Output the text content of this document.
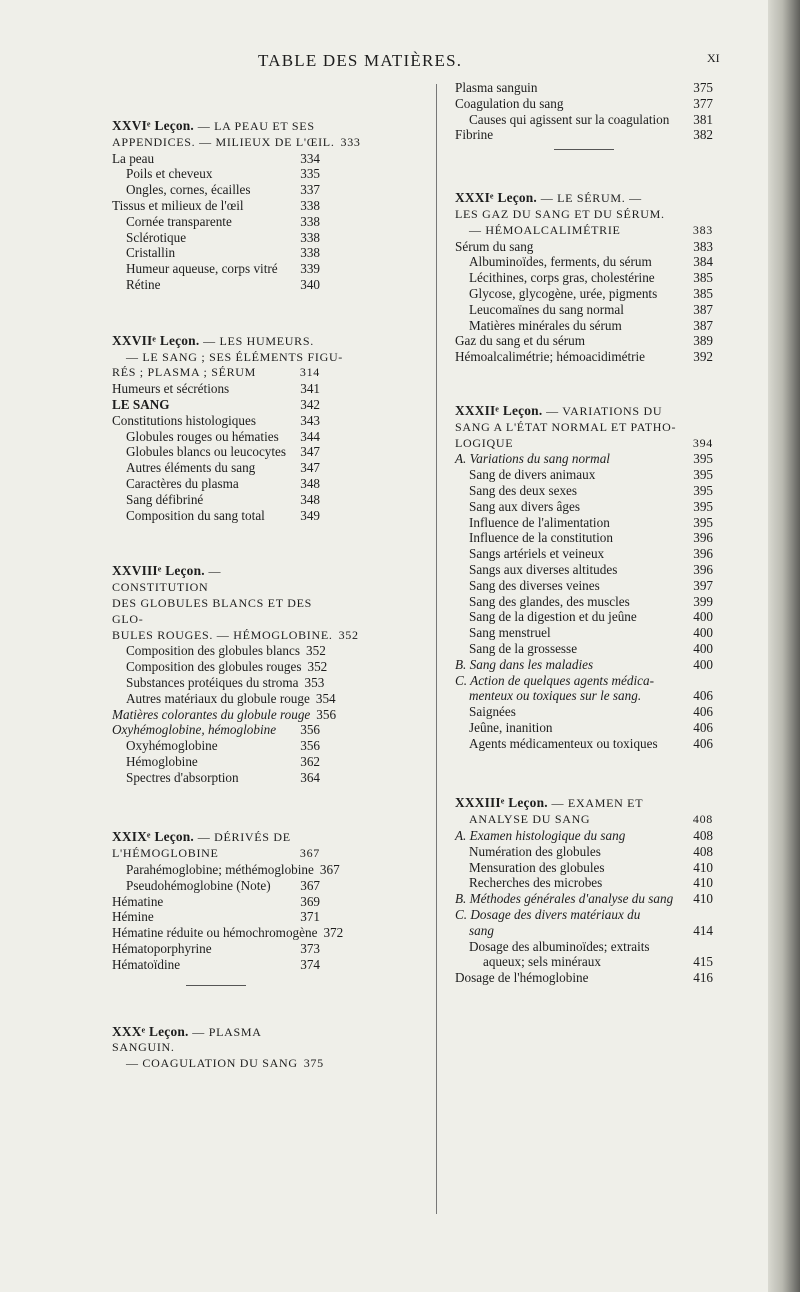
TABLE DES MATIÈRES.	XI
XXVIᵉ Leçon. — LA PEAU ET SES
APPENDICES. — MILIEUX DE L'ŒIL. 333
La peau	334
Poils et cheveux	335
Ongles, cornes, écailles	337
Tissus et milieux de l'œil	338
Cornée transparente	338
Sclérotique	338
Cristallin	338
Humeur aqueuse, corps vitré 339
Rétine	340
XXVIIᵉ Leçon. — LES HUMEURS.
— LE SANG ; SES ÉLÉMENTS FIGU-
RÉS ; PLASMA ; SÉRUM	314
Humeurs et sécrétions	341
LE SANG	342
Constitutions histologiques	343
Globules rouges ou hématies 344
Globules blancs ou leucocytes 347
Autres éléments du sang	347
Caractères du plasma	348
Sang défibriné	348
Composition du sang total	349
XXVIIIᵉ Leçon. — CONSTITUTION
DES GLOBULES BLANCS ET DES GLO-
BULES ROUGES. — HÉMOGLOBINE. 352
Composition des globules blancs 352
Composition des globules rouges 352
Substances protéiques du stroma 353
Autres matériaux du globule rouge 354
Matières colorantes du globule rouge 356
Oxyhémoglobine, hémoglobine 356
Oxyhémoglobine	356
Hémoglobine	362
Spectres d'absorption	364
XXIXᵉ Leçon. — DÉRIVÉS DE
L'HÉMOGLOBINE	367
Parahémoglobine; méthémoglobine 367
Pseudohémoglobine (Note) 367
Hématine	369
Hémine	371
Hématine réduite ou hémochromogène 372
Hématoporphyrine	373
Hématoïdine	374
XXXᵉ Leçon. — PLASMA SANGUIN.
— COAGULATION DU SANG 375
Plasma sanguin	375
Coagulation du sang	377
Causes qui agissent sur la coagulation 381
Fibrine	382
XXXIᵉ Leçon. — LE SÉRUM. —
LES GAZ DU SANG ET DU SÉRUM.
— HÉMOALCALIMÉTRIE	383
Sérum du sang	383
Albuminoïdes, ferments, du sérum	384
Lécithines, corps gras, cholestérine	385
Glycose, glycogène, urée, pigments	385
Leucomaïnes du sang normal	387
Matières minérales du sérum	387
Gaz du sang et du sérum	389
Hémoalcalimétrie; hémoacidimétrie	392
XXXIIᵉ Leçon. — VARIATIONS DU
SANG A L'ÉTAT NORMAL ET PATHO-
LOGIQUE	394
A. Variations du sang normal	395
Sang de divers animaux	395
Sang des deux sexes	395
Sang aux divers âges	395
Influence de l'alimentation	395
Influence de la constitution	396
Sangs artériels et veineux	396
Sangs aux diverses altitudes	396
Sang des diverses veines	397
Sang des glandes, des muscles	399
Sang de la digestion et du jeûne	400
Sang menstruel	400
Sang de la grossesse	400
B. Sang dans les maladies	400
C. Action de quelques agents médica-
menteux ou toxiques sur le sang.	406
Saignées	406
Jeûne, inanition	406
Agents médicamenteux ou toxiques	406
XXXIIIᵉ Leçon. — EXAMEN ET
ANALYSE DU SANG	408
A. Examen histologique du sang	408
Numération des globules	408
Mensuration des globules	410
Recherches des microbes	410
B. Méthodes générales d'analyse du sang 410
C. Dosage des divers matériaux du
sang	414
Dosage des albuminoïdes; extraits
aqueux; sels minéraux	415
Dosage de l'hémoglobine	416
